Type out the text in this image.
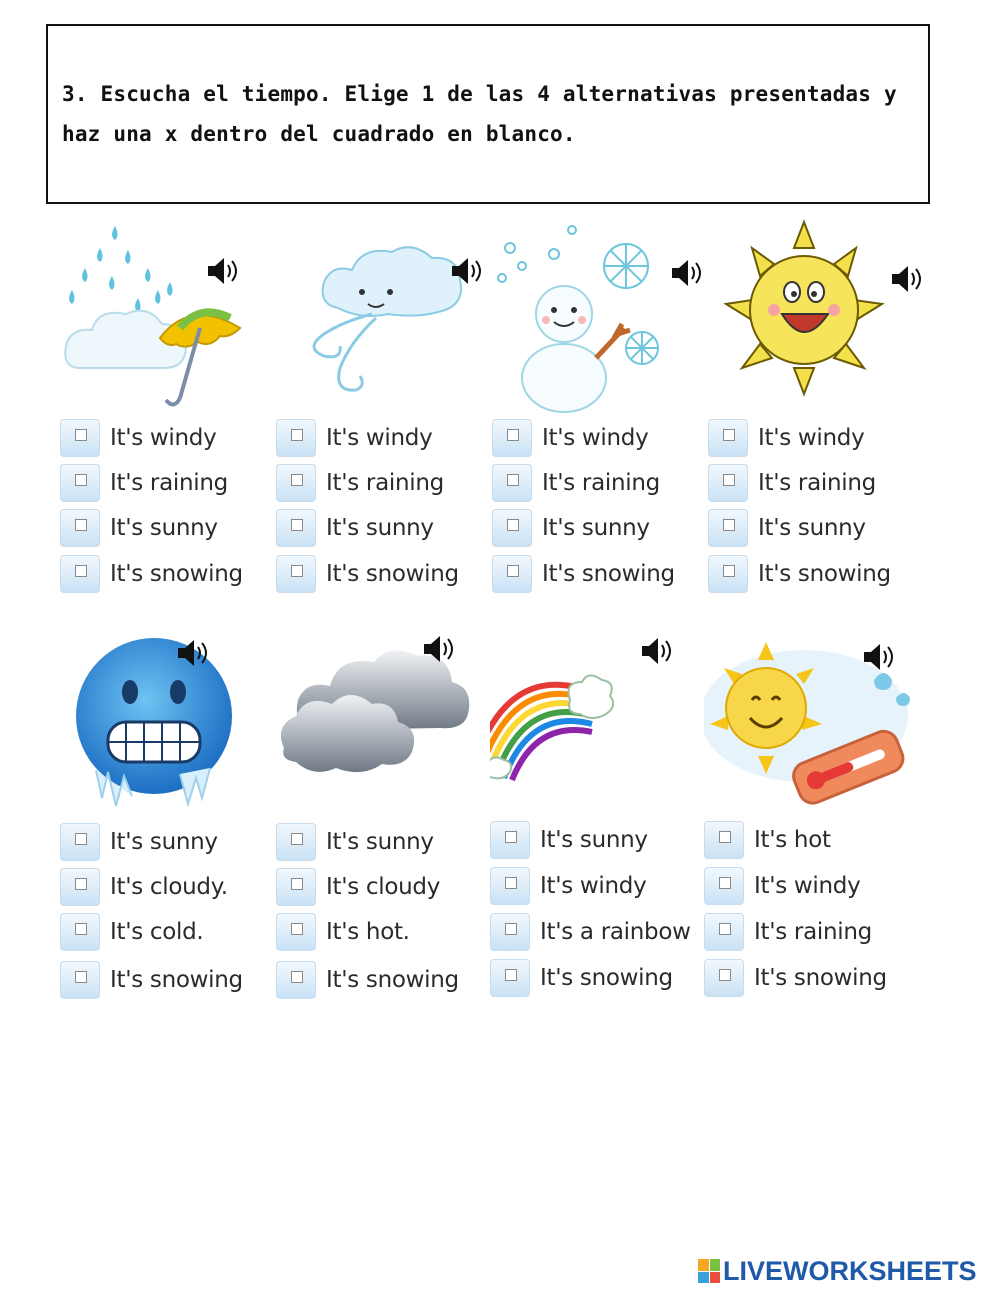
3. Escucha el tiempo. Elige 1 de las 4 alternativas presentadas y haz una x dentro del cuadrado en blanco.
It's windy
It's raining
It's sunny
It's snowing
It's windy
It's raining
It's sunny
It's snowing
It's windy
It's raining
It's sunny
It's snowing
It's windy
It's raining
It's sunny
It's snowing
It's sunny
It's cloudy.
It's cold.
It's snowing
It's sunny
It's cloudy
It's hot.
It's snowing
It's sunny
It's windy
It's a rainbow
It's snowing
It's hot
It's windy
It's raining
It's snowing
LIVEWORKSHEETS
